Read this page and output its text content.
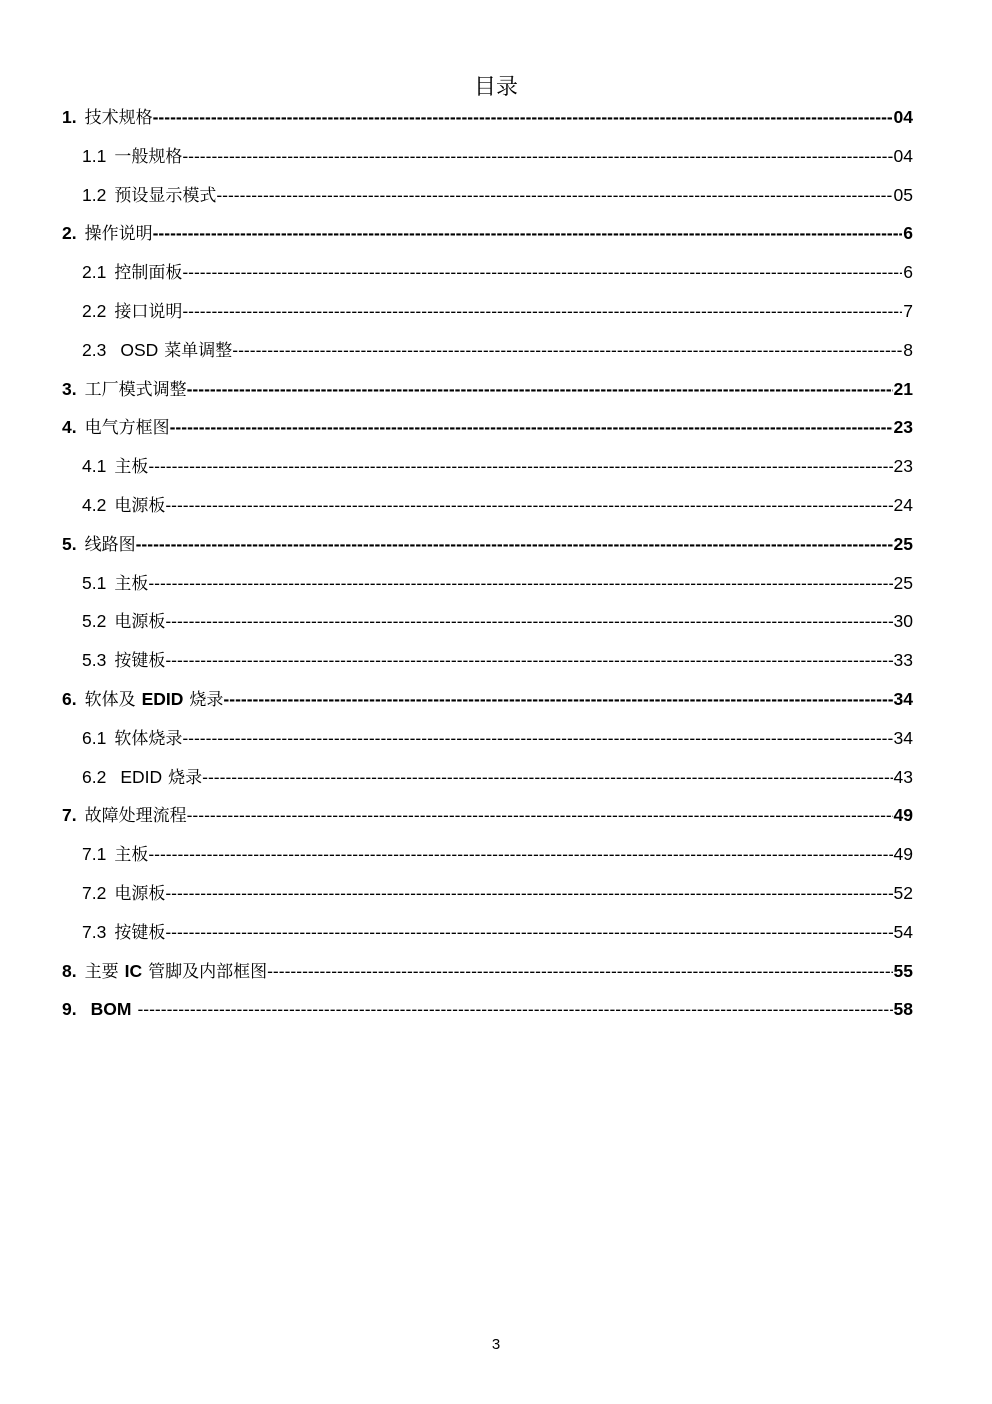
目录
1. 技术规格 -----	04
1.1 一般规格 -----	04
1.2 预设显示模式 -----	05
2. 操作说明 -----	6
2.1 控制面板 -----	6
2.2 接口说明 -----	7
2.3 OSD 菜单调整 -----	8
3. 工厂模式调整 -----	21
4. 电气方框图 -----	23
4.1 主板 -----	23
4.2 电源板 -----	24
5. 线路图 -----	25
5.1 主板 -----	25
5.2 电源板 -----	30
5.3 按键板 -----	33
6. 软体及 EDID 烧录 -----	34
6.1 软体烧录 -----	34
6.2 EDID 烧录 -----	43
7. 故障处理流程 -----	49
7.1 主板 -----	49
7.2 电源板 -----	52
7.3 按键板 -----	54
8. 主要 IC 管脚及内部框图 -----	55
9. BOM -----	58
3
